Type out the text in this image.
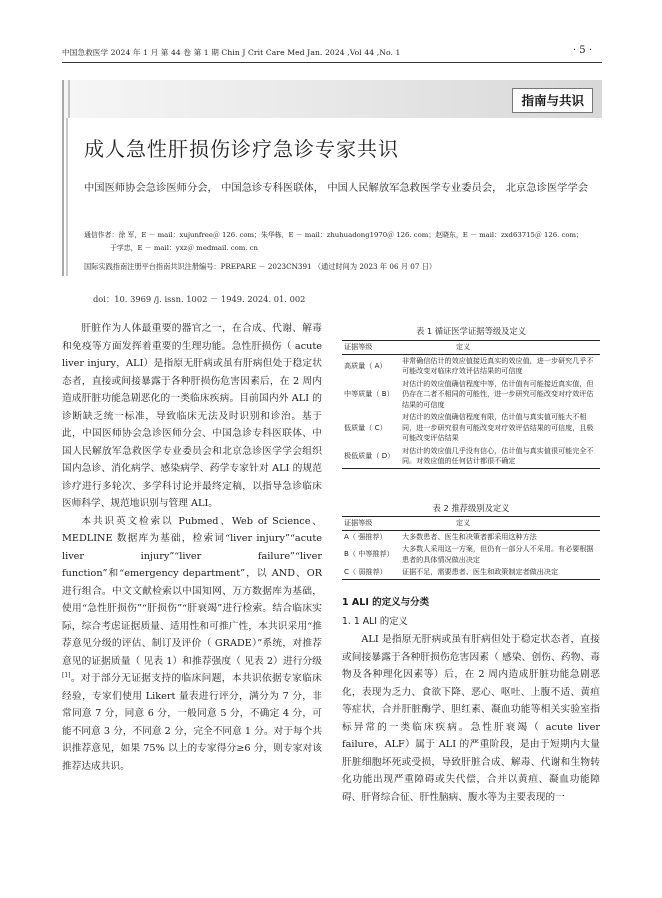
中国急救医学 2024 年 1 月 第 44 卷 第 1 期 Chin J Crit Care Med Jan. 2024 ,Vol 44 ,No. 1	· 5 ·
指南与共识
成人急性肝损伤诊疗急诊专家共识
中国医师协会急诊医师分会， 中国急诊专科医联体， 中国人民解放军急救医学专业委员会， 北京急诊医学学会
通信作者：徐 军，E － mail：xujunfree＠ 126. com；朱华栋，E － mail：zhuhuadong1970＠ 126. com；赵晓东，E － mail：zxd63715＠ 126. com；
于学忠，E － mail：yxz＠ medmail. com. cn
国际实践指南注册平台指南共识注册编号：PREPARE － 2023CN391 （通过时间为 2023 年 06 月 07 日）
doi：10. 3969 /j. issn. 1002 － 1949. 2024. 01. 002

肝脏作为人体最重要的器官之一，在合成、代谢、解毒和免疫等方面发挥着重要的生理功能。急性肝损伤（ acute liver injury，ALI）是指原无肝病或虽有肝病但处于稳定状态者，直接或间接暴露于各种肝损伤危害因素后，在 2 周内造成肝脏功能急剧恶化的一类临床疾病。目前国内外 ALI 的诊断缺乏统一标准，导致临床无法及时识别和诊治。基于此，中国医师协会急诊医师分会、中国急诊专科医联体、中国人民解放军急救医学专业委员会和北京急诊医学学会组织国内急诊、消化病学、感染病学、药学专家针对 ALI 的规范诊疗进行多轮次、多学科讨论并最终定稿，以指导急诊临床医师科学、规范地识别与管理 ALI。

本共识英文检索以 Pubmed、Web of Science、MEDLINE 数据库为基础，检索词“liver injury”“acute liver injury”“liver failure”“liver function”和“emergency department”，以 AND、OR 进行组合。中文文献检索以中国知网、万方数据库为基础，使用“急性肝损伤”“肝损伤”“肝衰竭”进行检索。结合临床实际，综合考虑证据质量、适用性和可推广性，本共识采用“推荐意见分级的评估、制订及评价（ GRADE）”系统，对推荐意见的证据质量（ 见表 1）和推荐强度（ 见表 2）进行分级[1]。对于部分无证据支持的临床问题，本共识依据专家临床经验，专家们使用 Likert 量表进行评分，满分为 7 分，非常同意 7 分，同意 6 分，一般同意 5 分，不确定 4 分，可能不同意 3 分，不同意 2 分，完全不同意 1 分。对于每个共识推荐意见，如果 75% 以上的专家得分≥6 分，则专家对该推荐达成共识。

表 1 循证医学证据等级及定义
证据等级	定义
高质量（ A）	非常确信估计的效应值接近真实的效应值，进一步研究几乎不可能改变对临床疗效评估结果的可信度
中等质量（ B）	对估计的效应值确信程度中等，估计值有可能接近真实值，但仍存在二者不相同的可能性，进一步研究可能改变对疗效评估结果的可信度
低质量（ C）	对估计的效应值确信程度有限，估计值与真实值可能大不相同，进一步研究很有可能改变对疗效评估结果的可信度，且极可能改变评估结果
极低质量（ D）	对估计的效应值几乎没有信心，估计值与真实值很可能完全不同。对效应值的任何估计都很不确定
表 2 推荐级别及定义
证据等级	定义
A（ 强推荐）	大多数患者、医生和决策者都采用这种方法
B（ 中等推荐）	大多数人采用这一方案，但仍有一部分人不采用。有必要根据患者的具体情况做出决定
C（ 弱推荐）	证据不足，需要患者、医生和政策制定者做出决定
1 ALI 的定义与分类
1. 1 ALI 的定义

ALI 是指原无肝病或虽有肝病但处于稳定状态者，直接或间接暴露于各种肝损伤危害因素（ 感染、创伤、药物、毒物及各种理化因素等）后，在 2 周内造成肝脏功能急剧恶化，表现为乏力、食欲下降、恶心、呕吐、上腹不适、黄疸等症状，合并肝脏酶学、胆红素、凝血功能等相关实验室指标异常的一类临床疾病。急性肝衰竭（ acute liver failure，ALF）属于 ALI 的严重阶段，是由于短期内大量肝脏细胞坏死或受损，导致肝脏合成、解毒、代谢和生物转化功能出现严重障碍或失代偿，合并以黄疸、凝血功能障碍、肝肾综合征、肝性脑病、腹水等为主要表现的一
